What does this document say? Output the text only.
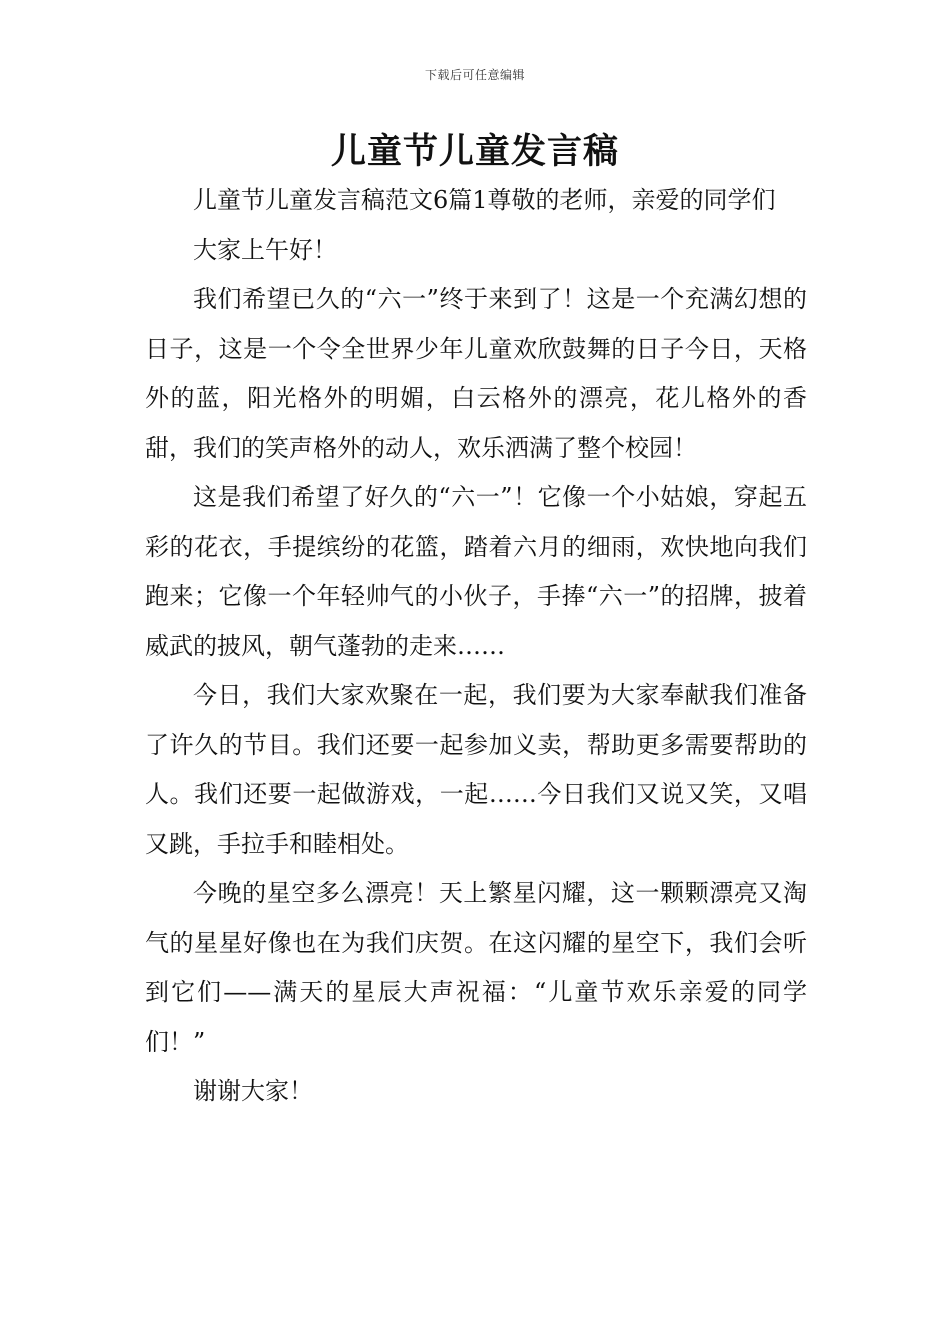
下载后可任意编辑
儿童节儿童发言稿

儿童节儿童发言稿范文6篇1尊敬的老师，亲爱的同学们

大家上午好！

我们希望已久的“六一”终于来到了！这是一个充满幻想的日子，这是一个令全世界少年儿童欢欣鼓舞的日子今日，天格外的蓝，阳光格外的明媚，白云格外的漂亮，花儿格外的香甜，我们的笑声格外的动人，欢乐洒满了整个校园！

这是我们希望了好久的“六一”！它像一个小姑娘，穿起五彩的花衣，手提缤纷的花篮，踏着六月的细雨，欢快地向我们跑来；它像一个年轻帅气的小伙子，手捧“六一”的招牌，披着威武的披风，朝气蓬勃的走来……

今日，我们大家欢聚在一起，我们要为大家奉献我们准备了许久的节目。我们还要一起参加义卖，帮助更多需要帮助的人。我们还要一起做游戏，一起……今日我们又说又笑，又唱又跳，手拉手和睦相处。

今晚的星空多么漂亮！天上繁星闪耀，这一颗颗漂亮又淘气的星星好像也在为我们庆贺。在这闪耀的星空下，我们会听到它们——满天的星辰大声祝福：“儿童节欢乐亲爱的同学们！”

谢谢大家！
